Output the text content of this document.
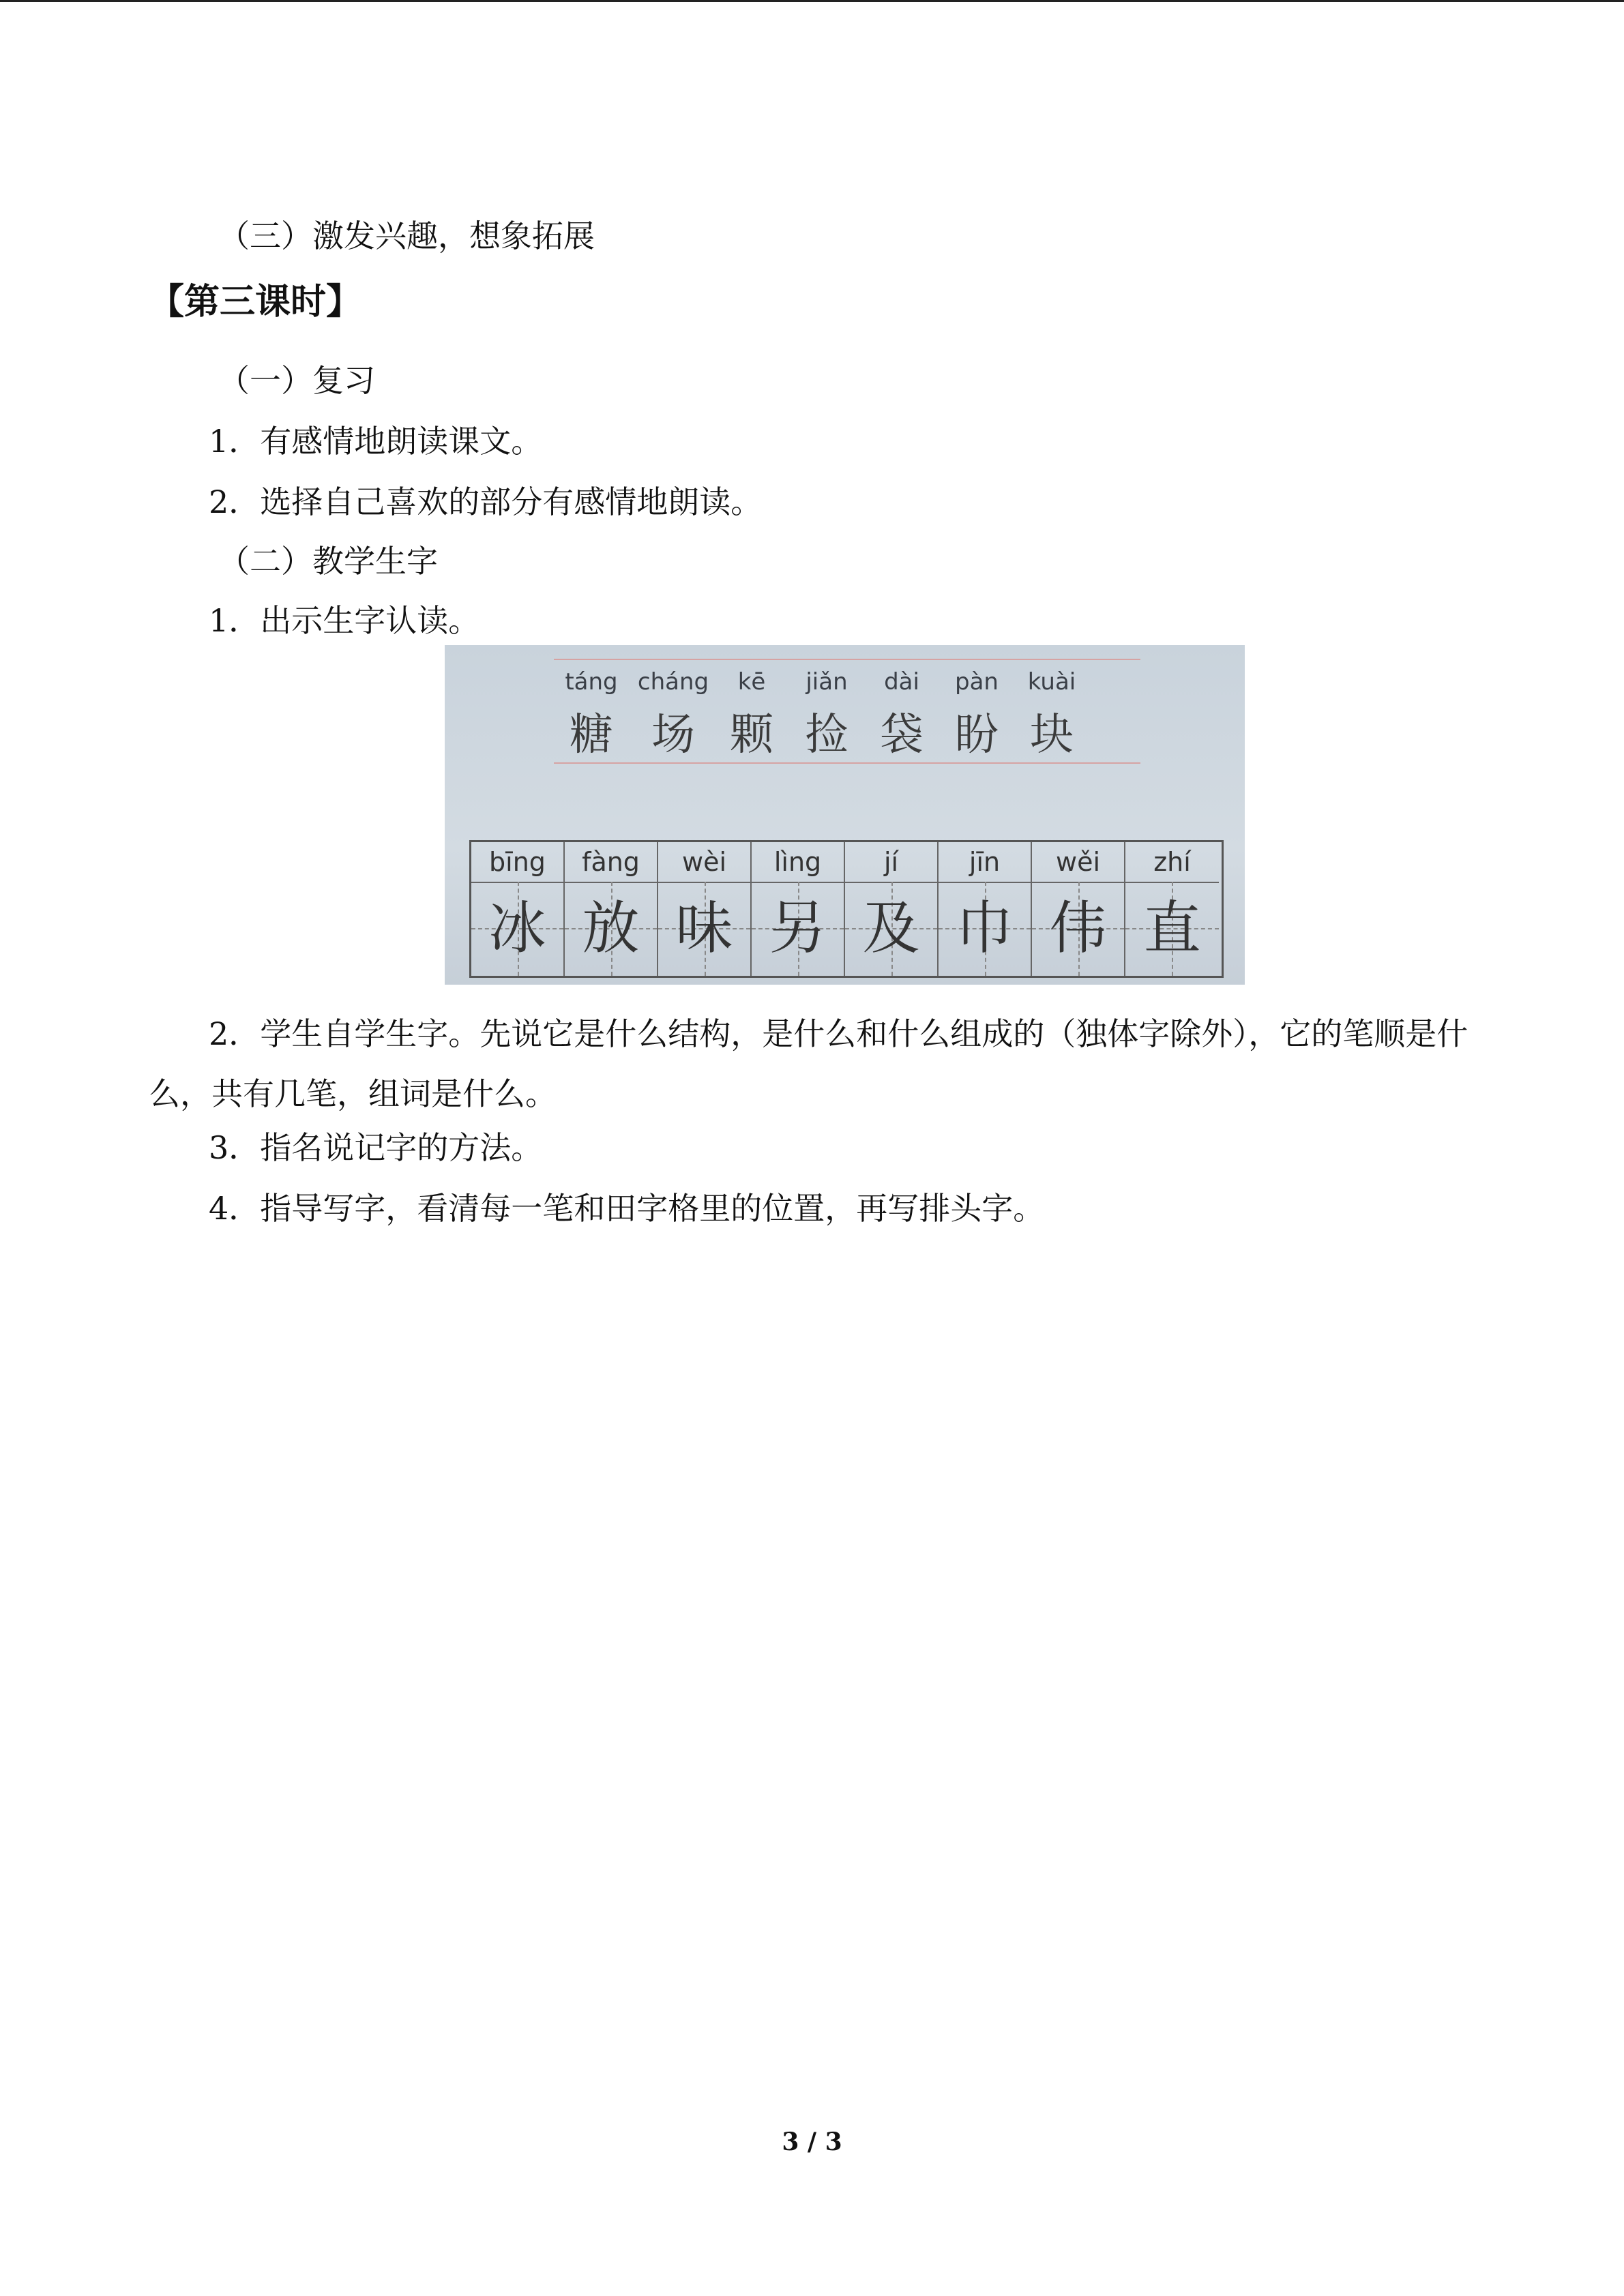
（三）激发兴趣，想象拓展
【第三课时】
（一）复习
1．有感情地朗读课文。
2．选择自己喜欢的部分有感情地朗读。
（二）教学生字
1．出示生字认读。
táng
糖
cháng
场
kē
颗
jiǎn
捡
dài
袋
pàn
盼
kuài
块
bīng
冰
fàng
放
wèi
味
lìng
另
jí
及
jīn
巾
wěi
伟
zhí
直
2．学生自学生字。先说它是什么结构，是什么和什么组成的（独体字除外），它的笔顺是什么，共有几笔，组词是什么。
3．指名说记字的方法。
4．指导写字，看清每一笔和田字格里的位置，再写排头字。
3 / 3
